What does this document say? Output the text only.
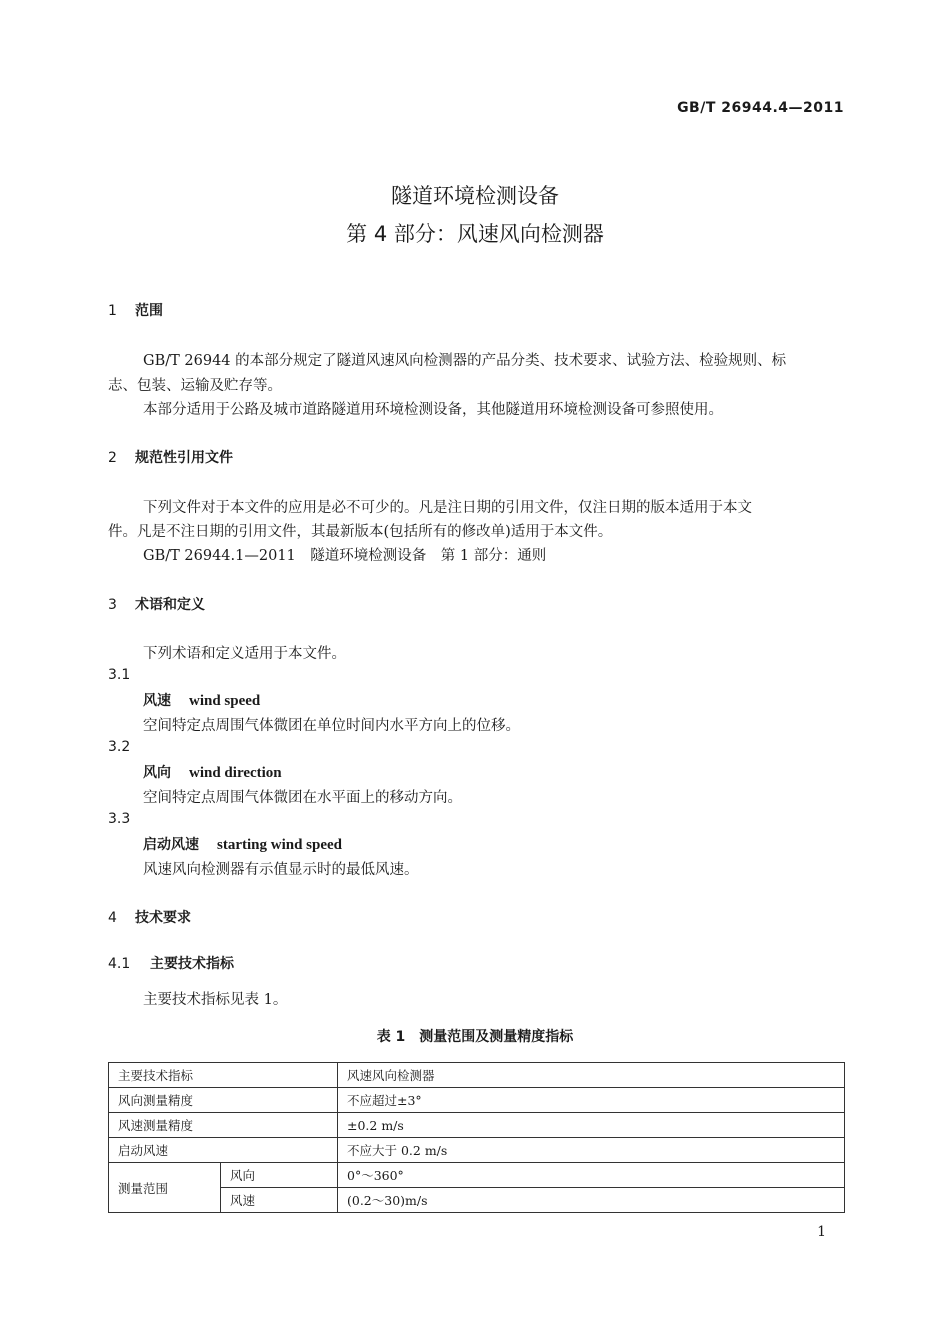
GB/T 26944.4—2011
隧道环境检测设备
第 4 部分：风速风向检测器
1 范围
GB/T 26944 的本部分规定了隧道风速风向检测器的产品分类、技术要求、试验方法、检验规则、标
志、包装、运输及贮存等。
本部分适用于公路及城市道路隧道用环境检测设备，其他隧道用环境检测设备可参照使用。
2 规范性引用文件
下列文件对于本文件的应用是必不可少的。凡是注日期的引用文件，仅注日期的版本适用于本文
件。凡是不注日期的引用文件，其最新版本(包括所有的修改单)适用于本文件。
GB/T 26944.1—2011　隧道环境检测设备　第 1 部分：通则
3 术语和定义
下列术语和定义适用于本文件。
3.1
风速 wind speed
空间特定点周围气体微团在单位时间内水平方向上的位移。
3.2
风向 wind direction
空间特定点周围气体微团在水平面上的移动方向。
3.3
启动风速 starting wind speed
风速风向检测器有示值显示时的最低风速。
4 技术要求
4.1 主要技术指标
主要技术指标见表 1。
表 1　测量范围及测量精度指标
主要技术指标		风速风向检测器
风向测量精度		不应超过±3°
风速测量精度		±0.2 m/s
启动风速		不应大于 0.2 m/s
测量范围	风向	0°～360°
	风速	(0.2～30)m/s
1
